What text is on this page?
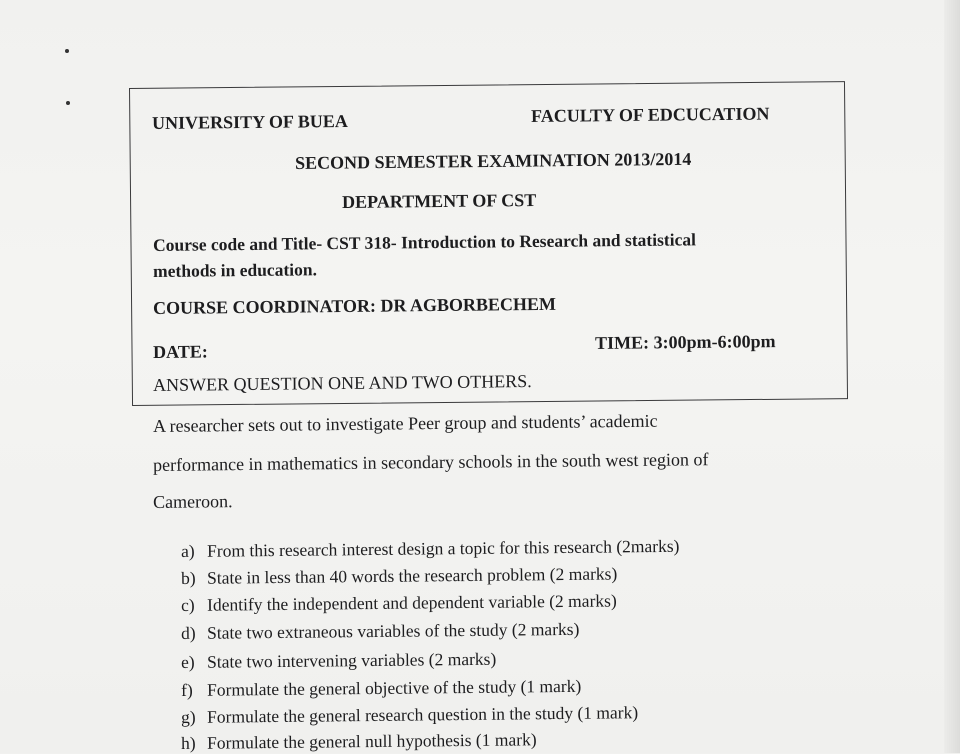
UNIVERSITY OF BUEA	FACULTY OF EDCUCATION
SECOND SEMESTER EXAMINATION 2013/2014
DEPARTMENT OF CST
Course code and Title- CST 318- Introduction to Research and statistical
methods in education.
COURSE COORDINATOR: DR AGBORBECHEM
DATE:	TIME: 3:00pm-6:00pm
ANSWER QUESTION ONE AND TWO OTHERS.
A researcher sets out to investigate Peer group and students’ academic
performance in mathematics in secondary schools in the south west region of
Cameroon.
a) From this research interest design a topic for this research (2marks)
b) State in less than 40 words the research problem (2 marks)
c) Identify the independent and dependent variable (2 marks)
d) State two extraneous variables of the study (2 marks)
e) State two intervening variables (2 marks)
f) Formulate the general objective of the study (1 mark)
g) Formulate the general research question in the study (1 mark)
h) Formulate the general null hypothesis (1 mark)
